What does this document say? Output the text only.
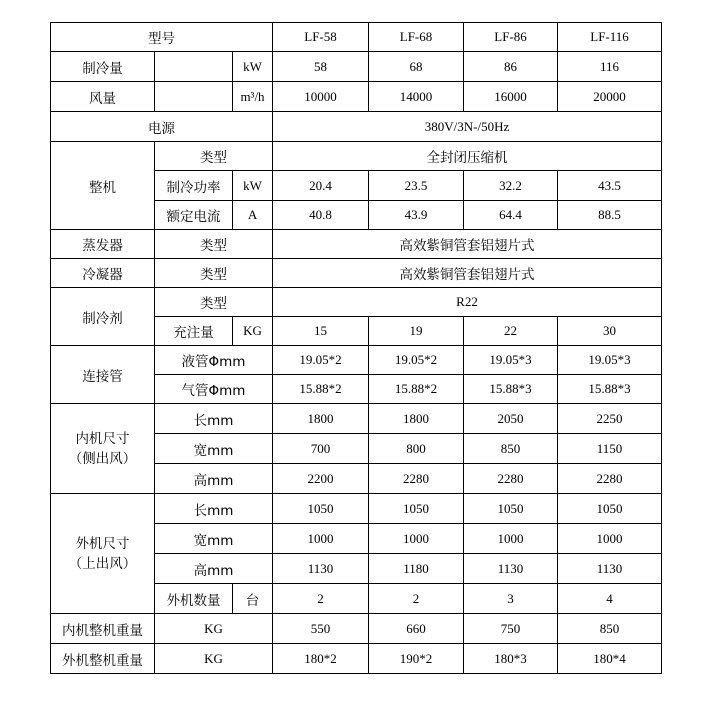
型号			LF-58	LF-68	LF-86	LF-116
制冷量		kW	58	68	86	116
风量		m³/h	10000	14000	16000	20000
电源			380V/3N-/50Hz			
整机	类型		全封闭压缩机			
	制冷功率	kW	20.4	23.5	32.2	43.5
	额定电流	A	40.8	43.9	64.4	88.5
蒸发器	类型		高效紫铜管套铝翅片式			
冷凝器	类型		高效紫铜管套铝翅片式			
制冷剂	类型		R22			
	充注量	KG	15	19	22	30
连接管	液管Φmm		19.05*2	19.05*2	19.05*3	19.05*3
	气管Φmm		15.88*2	15.88*2	15.88*3	15.88*3

内机尺寸
（侧出风）	长mm		1800	1800	2050	2250
	宽mm		700	800	850	1150
	高mm		2200	2280	2280	2280

外机尺寸
（上出风）	长mm		1050	1050	1050	1050
	宽mm		1000	1000	1000	1000
	高mm		1130	1180	1130	1130
	外机数量	台	2	2	3	4
内机整机重量	KG		550	660	750	850
外机整机重量	KG		180*2	190*2	180*3	180*4
